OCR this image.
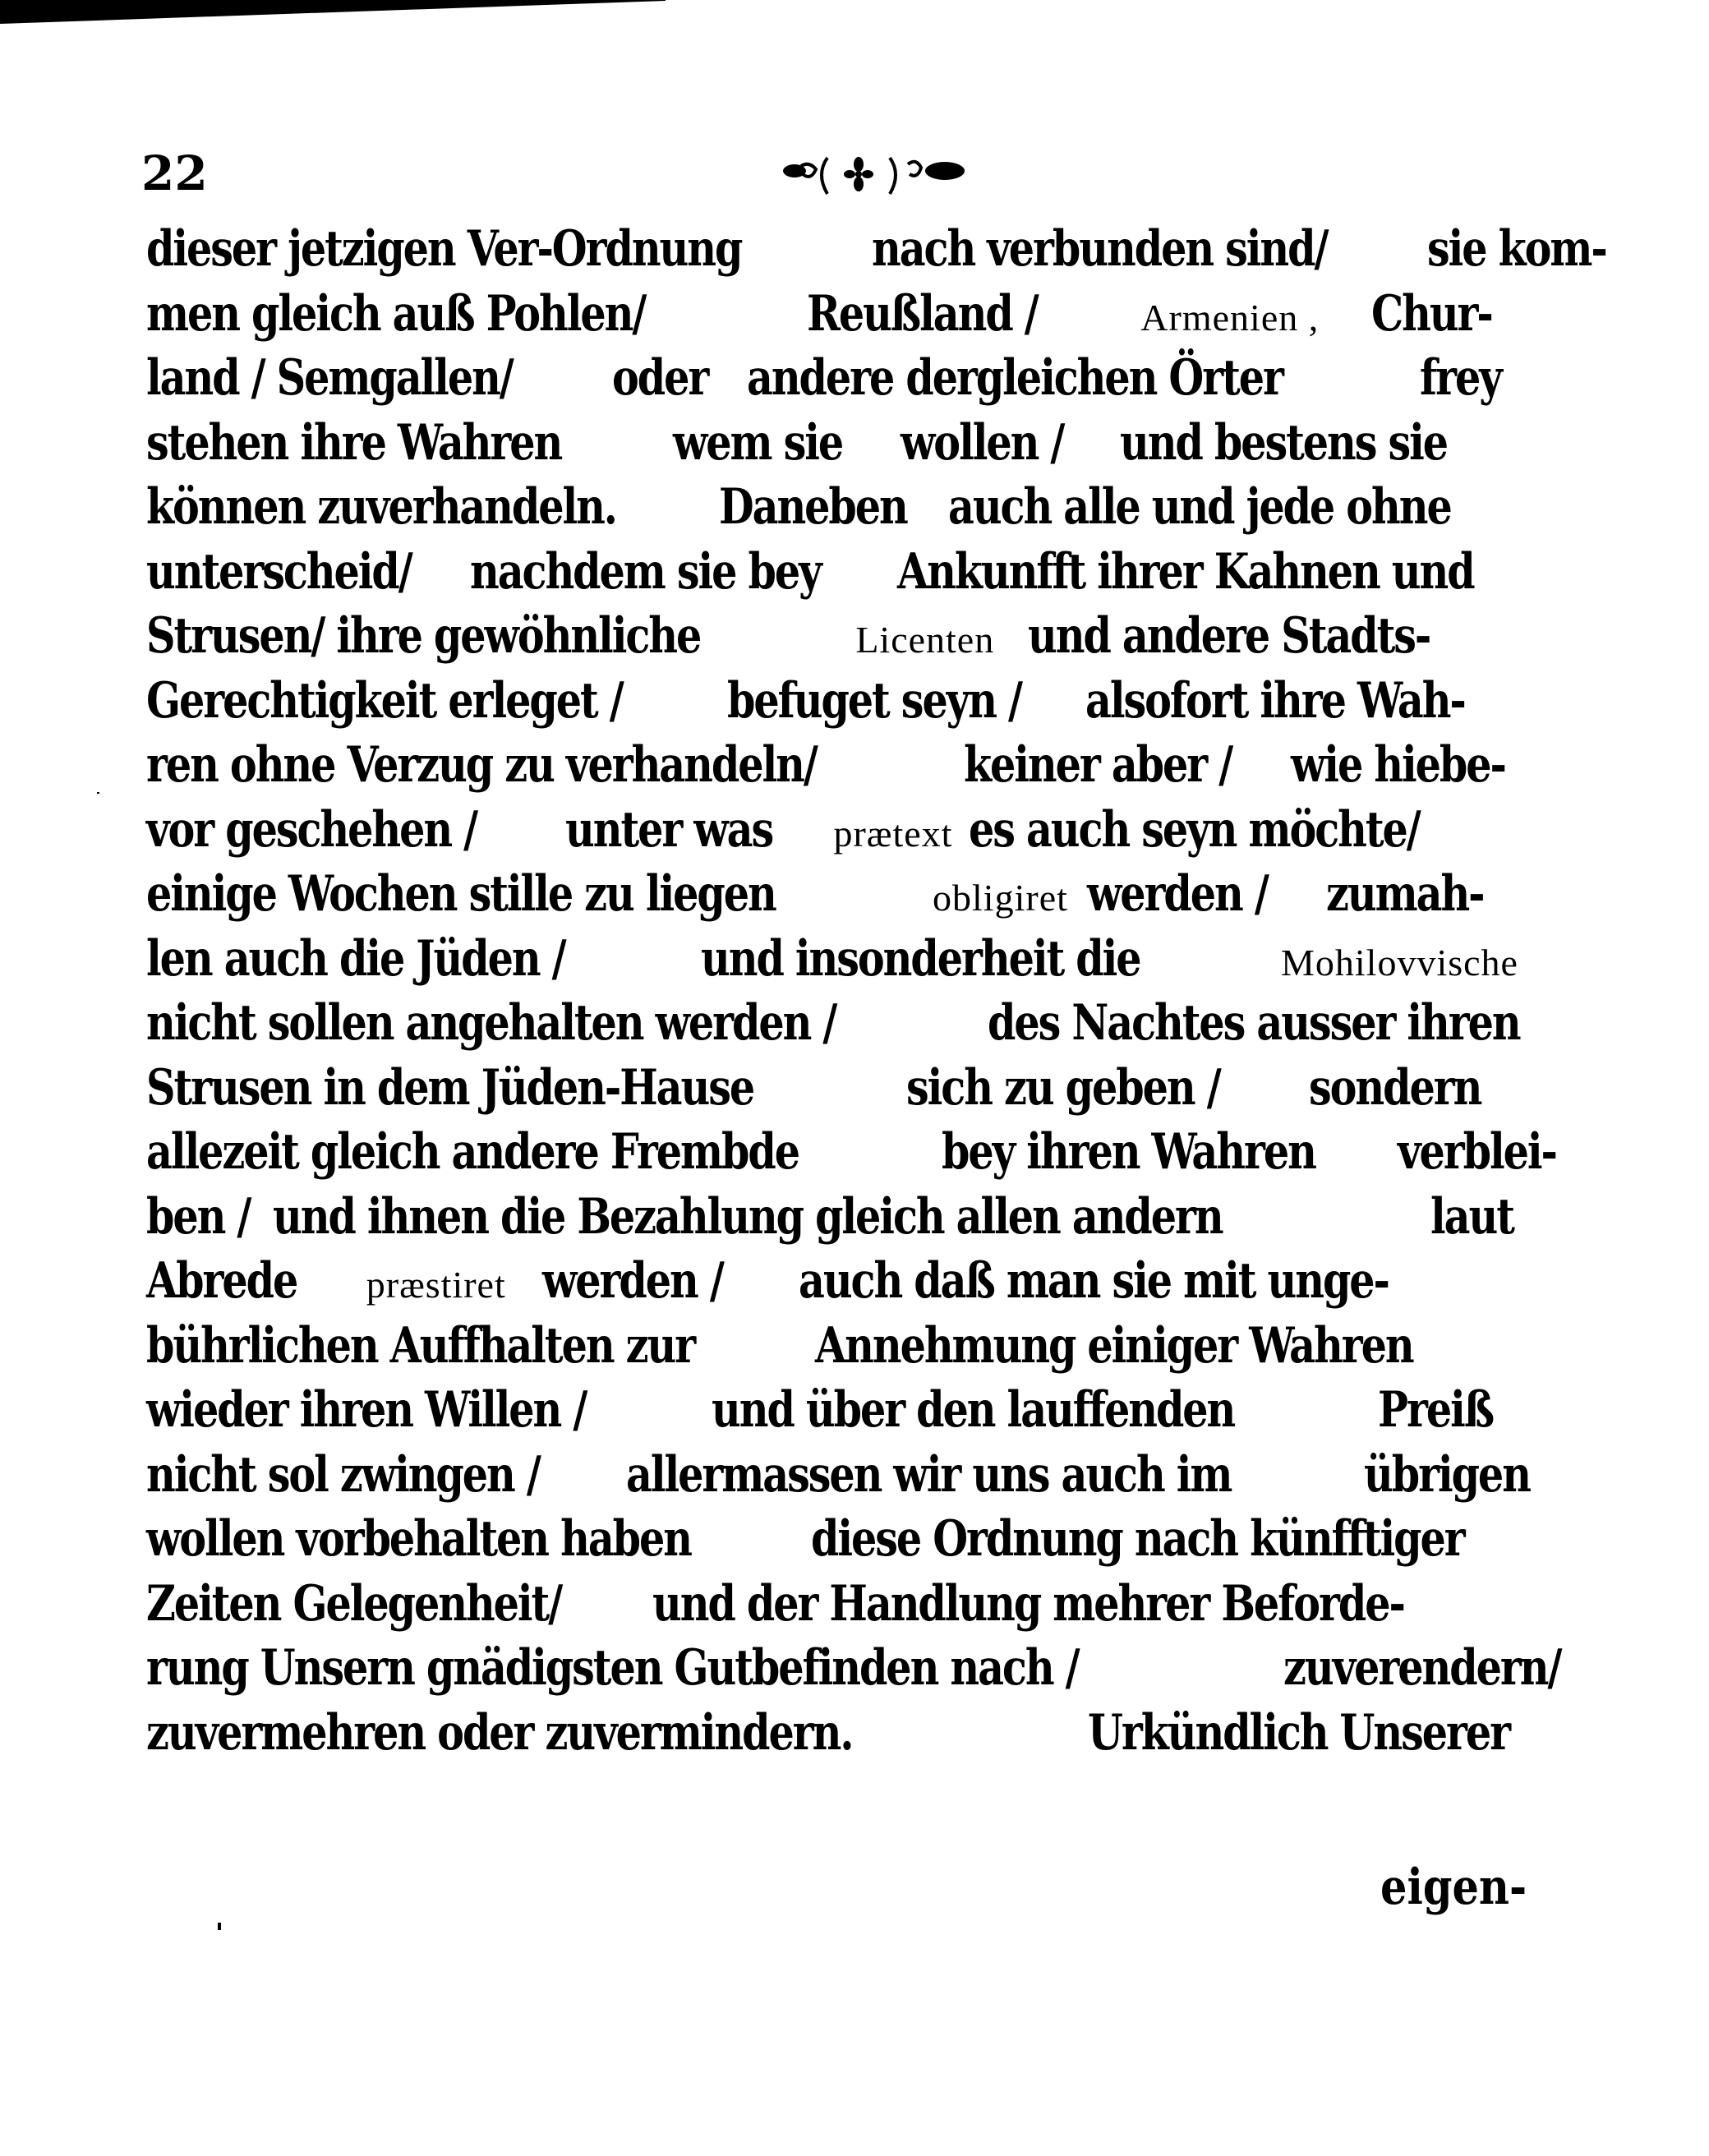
22
dieser jetzigen Ver-Ordnung	nach verbunden sind/ sie kom-
men gleich auß Pohlen/	Reußland /	Armenien , Chur-
land / Semgallen/ oder andere dergleichen Örter	frey
stehen ihre Wahren wem sie wollen / und bestens sie
können zuverhandeln. Daneben auch alle und jede ohne
unterscheid/ nachdem sie bey Ankunfft ihrer Kahnen und
Strusen/ ihre gewöhnliche	Licenten und andere Stadts-
Gerechtigkeit erleget / befuget seyn / alsofort ihre Wah-
ren ohne Verzug zu verhandeln/	keiner aber / wie hiebe-
vor geschehen / unter was prætext es auch seyn möchte/
einige Wochen stille zu liegen	obligiret werden / zumah-
len auch die Jüden /	und insonderheit die	Mohilovvische
nicht sollen angehalten werden /	des Nachtes ausser ihren
Strusen in dem Jüden-Hause	sich zu geben / sondern
allezeit gleich andere Frembde	bey ihren Wahren verblei-
ben / und ihnen die Bezahlung gleich allen andern	laut
Abrede præstiret werden / auch daß man sie mit unge-
bührlichen Auffhalten zur Annehmung einiger Wahren
wieder ihren Willen /	und über den lauffenden	Preiß
nicht sol zwingen / allermassen wir uns auch im	übrigen
wollen vorbehalten haben diese Ordnung nach künfftiger
Zeiten Gelegenheit/ und der Handlung mehrer Beforde-
rung Unsern gnädigsten Gutbefinden nach /	zuverendern/
zuvermehren oder zuvermindern.	Urkündlich Unserer
eigen-
